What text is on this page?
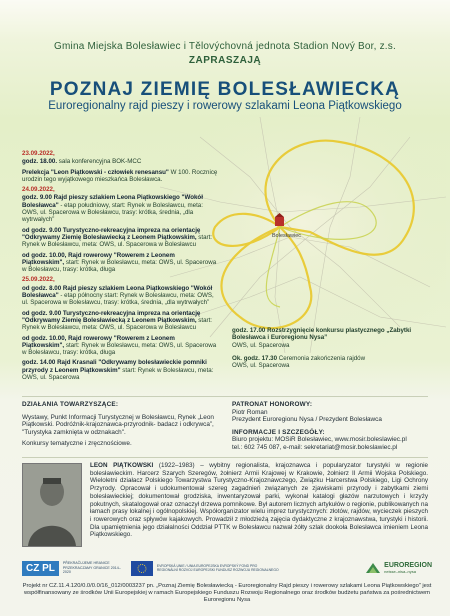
Gmina Miejska Bolesławiec i Tělovýchovná jednota Stadion Nový Bor, z.s.
ZAPRASZAJĄ
POZNAJ ZIEMIĘ BOLESŁAWIECKĄ
Euroregionalny rajd pieszy i rowerowy szlakami Leona Piątkowskiego
Bolesławiec
23.09.2022,
godz. 18.00. sala konferencyjna BOK-MCC
Prelekcja "Leon Piątkowski - człowiek renesansu" W 100. Rocznicę urodzin tego wyjątkowego mieszkańca Bolesławca.
24.09.2022,
godz. 9.00 Rajd pieszy szlakiem Leona Piątkowskiego "Wokół Bolesławca" - etap południowy, start: Rynek w Bolesławcu, meta: OWS, ul. Spacerowa w Bolesławcu, trasy: krótka, średnia, „dla wytrwałych”
od godz. 9.00 Turystyczno-rekreacyjna impreza na orientację "Odkrywamy Ziemię Bolesławiecką z Leonem Piątkowskim, start: Rynek w Bolesławcu, meta: OWS, ul. Spacerowa w Bolesławcu
od godz. 10.00, Rajd rowerowy "Rowerem z Leonem Piątkowskim", start: Rynek w Bolesławcu, meta: OWS, ul. Spacerowa w Bolesławcu, trasy: krótka, długa
25.09.2022,
od godz. 8.00 Rajd pieszy szlakiem Leona Piątkowskiego "Wokół Bolesławca" - etap północny start: Rynek w Bolesławcu, meta: OWS, ul. Spacerowa w Bolesławcu, trasy: krótka, średnia, „dla wytrwałych”
od godz. 9.00 Turystyczno-rekreacyjna impreza na orientację "Odkrywamy Ziemię Bolesławiecką z Leonem Piątkowskim, start: Rynek w Bolesławcu, meta: OWS, ul. Spacerowa w Bolesławcu
od godz. 10.00, Rajd rowerowy "Rowerem z Leonem Piątkowskim", start: Rynek w Bolesławcu, meta: OWS, ul. Spacerowa w Bolesławcu, trasy: krótka, długa
godz. 14.00 Rajd Krasnali "Odkrywamy bolesławieckie pomniki przyrody z Leonem Piątkowskim" start: Rynek w Bolesławcu, meta: OWS, ul. Spacerowa
godz. 17.00 Rozstrzygnięcie konkursu plastycznego „Zabytki Bolesławca i Euroregionu Nysa”
OWS, ul. Spacerowa
Ok. godz. 17.30 Ceremonia zakończenia rajdów
OWS, ul. Spacerowa
DZIAŁANIA TOWARZYSZĄCE:
Wystawy, Punkt Informacji Turystycznej w Bolesławcu, Rynek „Leon Piątkowski. Podróżnik-krajoznawca-przyrodnik- badacz i odkrywca”, "Turystyka zamknięta w odznakach".
Konkursy tematyczne i zręcznościowe.
PATRONAT HONOROWY:
Piotr Roman
Prezydent Euroregionu Nysa / Prezydent Bolesławca
INFORMACJE I SZCZEGÓŁY:
Biuro projektu: MOSiR Bolesławiec, www.mosir.boleslawiec.pl
tel.: 602 745 087, e-mail: sekretariat@mosir.boleslawiec.pl
LEON PIĄTKOWSKI (1922–1983) – wybitny regionalista, krajoznawca i popularyzator turystyki w regionie bolesławieckim. Harcerz Szarych Szeregów, żołnierz Armii Krajowej w Krakowie, żołnierz II Armii Wojska Polskiego. Wieloletni działacz Polskiego Towarzystwa Turystyczno-Krajoznawczego, Związku Harcerstwa Polskiego, Ligi Ochrony Przyrody. Opracował i udokumentował szereg zagadnień związanych ze zjawiskami przyrody i zabytkami ziemi bolesławieckiej; dokumentował grodziska, inwentaryzował parki, wykonał katalogi głazów narzutowych i krzyży pokutnych, skatalogował oraz oznaczył drzewa pomnikowe. Był autorem licznych artykułów o regionie, publikowanych na łamach prasy lokalnej i ogólnopolskiej. Współorganizator wielu imprez turystycznych: złotów, rajdów, wycieczek pieszych i rowerowych oraz spływów kajakowych. Prowadził z młodzieżą zajęcia dydaktyczne z krajoznawstwa, turystyki i historii. Dla upamiętnienia jego działalności Oddział PTTK w Bolesławcu nazwał żółty szlak dookoła Bolesławca imieniem Leona Piątkowskiego.
CZ PL	PŘEKRAČUJEME HRANICE PRZEKRACZAMY GRANICE 2014–2020
EVROPSKÁ UNIE / UNIA EUROPEJSKA EVROPSKÝ FOND PRO REGIONÁLNÍ ROZVOJ EUROPEJSKI FUNDUSZ ROZWOJU REGIONALNEGO
EUROREGION
neisse–nisa–nysa
Projekt nr CZ.11.4.120/0.0/0.0/16_012/0003237 pn. „Poznaj Ziemię Bolesławiecką - Euroregionalny Rajd pieszy i rowerowy szlakami Leona Piątkowskiego” jest współfinansowany ze środków Unii Europejskiej w ramach Europejskiego Funduszu Rozwoju Regionalnego oraz środków budżetu państwa za pośrednictwem Euroregionu Nysa
